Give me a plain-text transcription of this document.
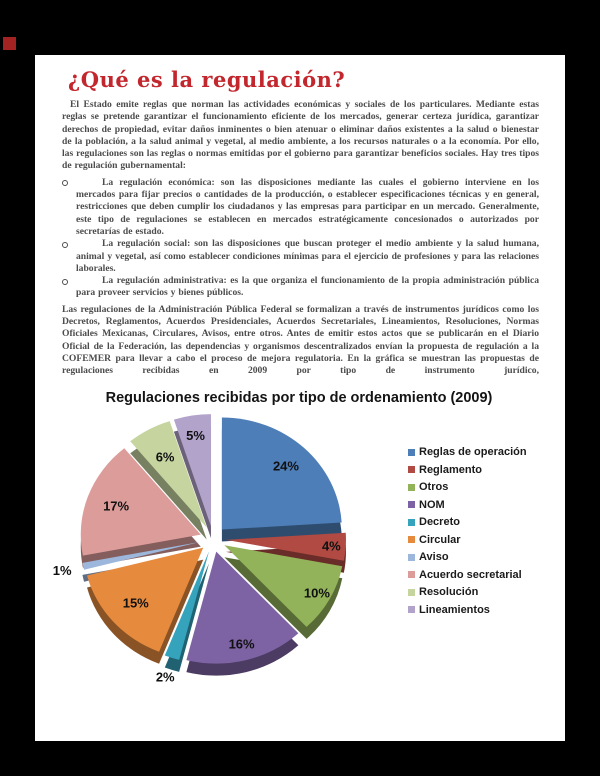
¿Qué es la regulación?

El Estado emite reglas que norman las actividades económicas y sociales de los particulares. Mediante estas reglas se pretende garantizar el funcionamiento eficiente de los mercados, generar certeza jurídica, garantizar derechos de propiedad, evitar daños inminentes o bien atenuar o eliminar daños existentes a la salud o bienestar de la población, a la salud animal y vegetal, al medio ambiente, a los recursos naturales o a la economía. Por ello, las regulaciones son las reglas o normas emitidas por el gobierno para garantizar beneficios sociales. Hay tres tipos de regulación gubernamental:

La regulación económica: son las disposiciones mediante las cuales el gobierno interviene en los mercados para fijar precios o cantidades de la producción, o establecer especificaciones técnicas y en general, restricciones que deben cumplir los ciudadanos y las empresas para participar en un mercado. Generalmente, este tipo de regulaciones se establecen en mercados estratégicamente concesionados o autorizados por secretarías de estado.
La regulación social: son las disposiciones que buscan proteger el medio ambiente y la salud humana, animal y vegetal, así como establecer condiciones mínimas para el ejercicio de profesiones y para las relaciones laborales.
La regulación administrativa: es la que organiza el funcionamiento de la propia administración pública para proveer servicios y bienes públicos.

Las regulaciones de la Administración Pública Federal se formalizan a través de instrumentos jurídicos como los Decretos, Reglamentos, Acuerdos Presidenciales, Acuerdos Secretariales, Lineamientos, Resoluciones, Normas Oficiales Mexicanas, Circulares, Avisos, entre otros. Antes de emitir estos actos que se publicarán en el Diario Oficial de la Federación, las dependencias y organismos descentralizados envían la propuesta de regulación a la COFEMER para llevar a cabo el proceso de mejora regulatoria. En la gráfica se muestran las propuestas de regulaciones recibidas en 2009 por tipo de instrumento jurídico,

Regulaciones recibidas por tipo de ordenamiento (2009)
24%
4%
10%
16%
2%
15%
1%
17%
6%
5%
Reglas de operación
Reglamento
Otros
NOM
Decreto
Circular
Aviso
Acuerdo secretarial
Resolución
Lineamientos
